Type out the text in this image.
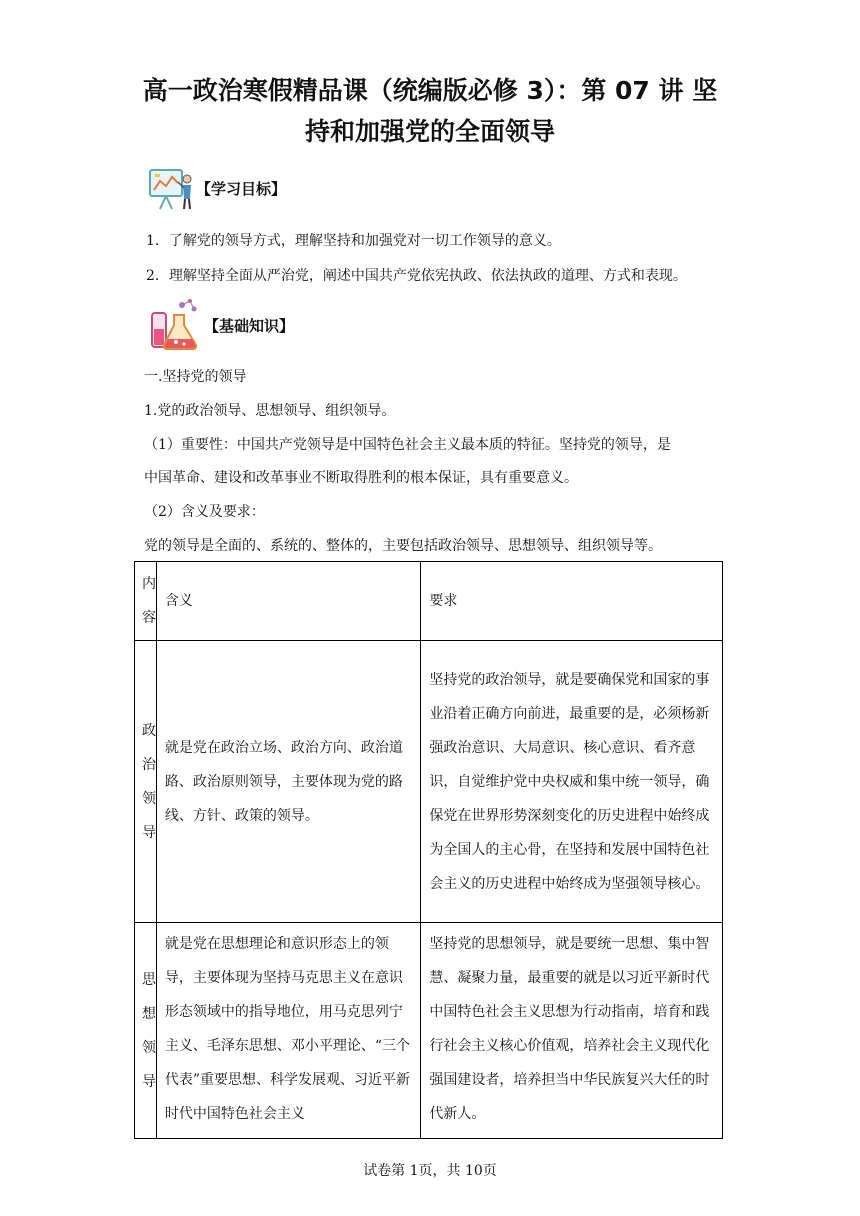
高一政治寒假精品课（统编版必修 3）：第 07 讲 坚
持和加强党的全面领导
【学习目标】
1．了解党的领导方式，理解坚持和加强党对一切工作领导的意义。
2．理解坚持全面从严治党，阐述中国共产党依宪执政、依法执政的道理、方式和表现。
【基础知识】
一.坚持党的领导
1.党的政治领导、思想领导、组织领导。
（1）重要性：中国共产党领导是中国特色社会主义最本质的特征。坚持党的领导，是
中国革命、建设和改革事业不断取得胜利的根本保证，具有重要意义。
（2）含义及要求：
党的领导是全面的、系统的、整体的，主要包括政治领导、思想领导、组织领导等。
内容	含义	要求

政治领导	就是党在政治立场、政治方向、政治道路、政治原则领导，主要体现为党的路线、方针、政策的领导。	坚持党的政治领导，就是要确保党和国家的事业沿着正确方向前进，最重要的是，必须杨新强政治意识、大局意识、核心意识、看齐意识，自觉维护党中央权威和集中统一领导，确保党在世界形势深刻变化的历史进程中始终成为全国人的主心骨，在坚持和发展中国特色社会主义的历史进程中始终成为坚强领导核心。

思想领导	就是党在思想理论和意识形态上的领导，主要体现为坚持马克思主义在意识形态领域中的指导地位，用马克思列宁主义、毛泽东思想、邓小平理论、“三个代表”重要思想、科学发展观、习近平新时代中国特色社会主义	坚持党的思想领导，就是要统一思想、集中智慧、凝聚力量，最重要的就是以习近平新时代中国特色社会主义思想为行动指南，培育和践行社会主义核心价值观，培养社会主义现代化强国建设者，培养担当中华民族复兴大任的时代新人。
试卷第 1页，共 10页
